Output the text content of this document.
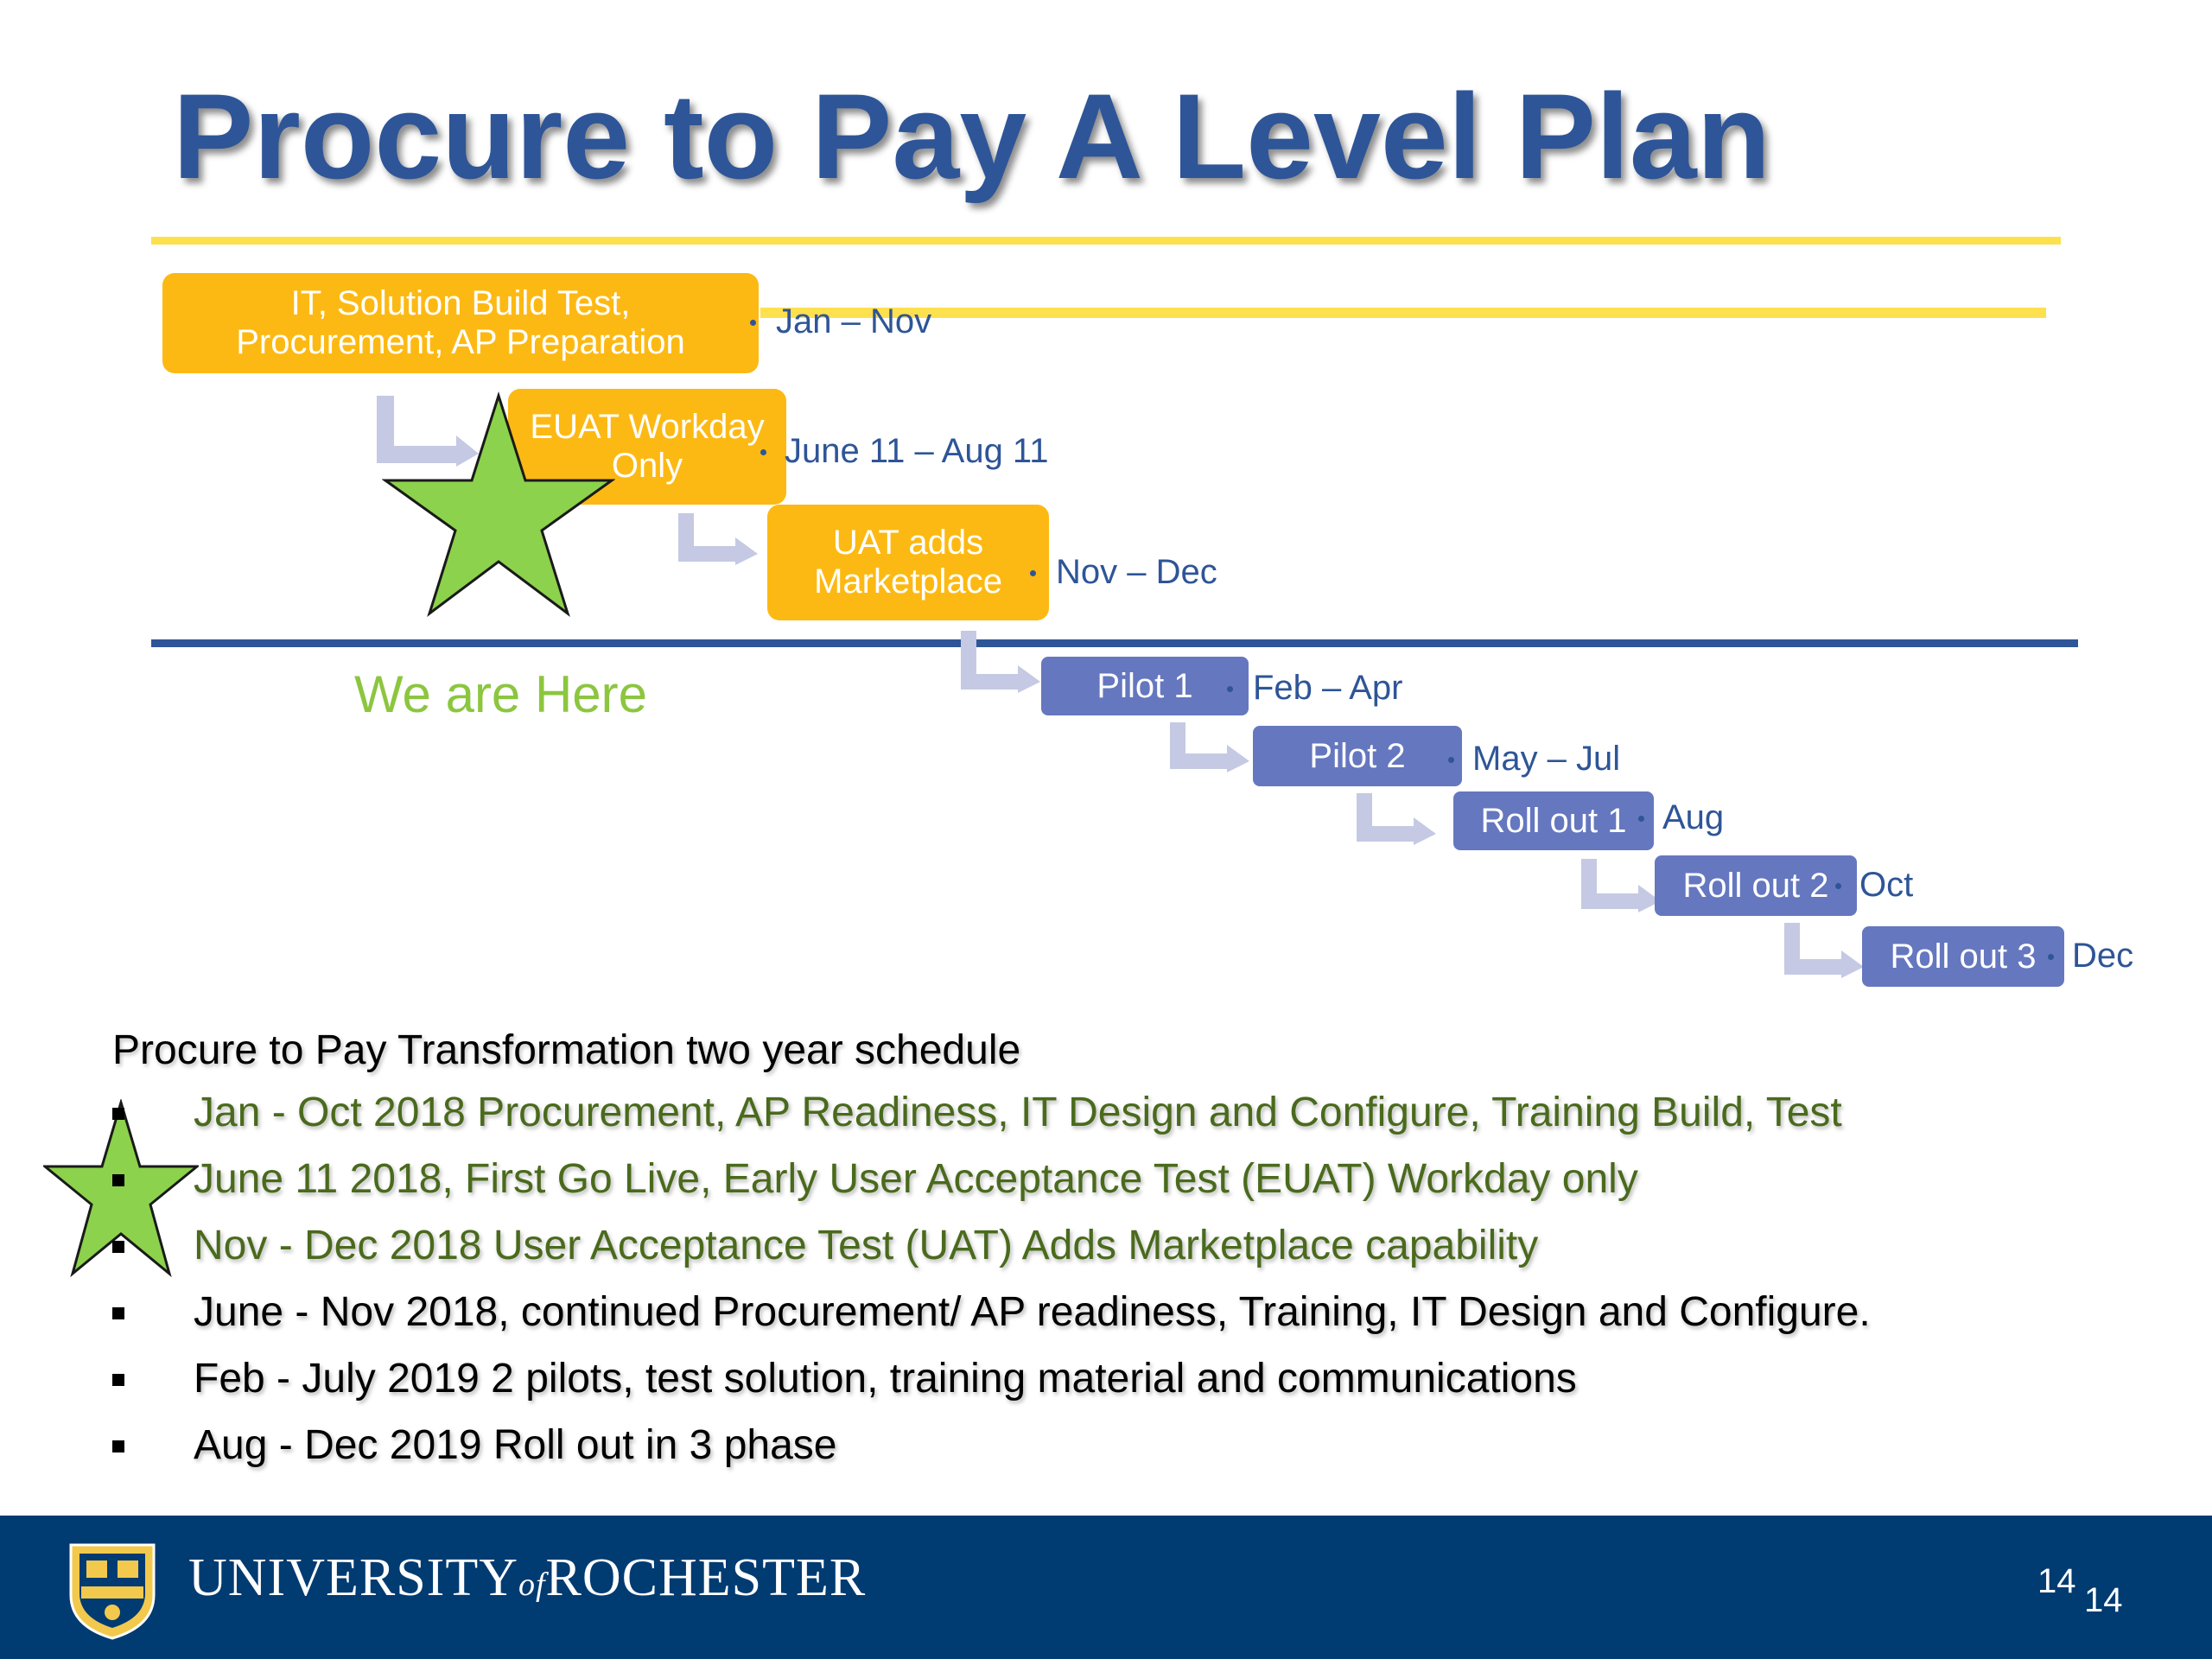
Procure to Pay A Level Plan
IT, Solution Build Test, Procurement, AP Preparation
EUAT Workday Only
UAT adds Marketplace
Pilot 1
Pilot 2
Roll out 1
Roll out 2
Roll out 3
Jan – Nov
June 11 – Aug 11
Nov – Dec
Feb – Apr
May – Jul
Aug
Oct
Dec
We are Here
Procure to Pay Transformation two year schedule
Jan - Oct 2018 Procurement, AP Readiness, IT Design and Configure, Training Build, Test
June 11 2018, First Go Live, Early User Acceptance Test (EUAT) Workday only
Nov - Dec 2018 User Acceptance Test (UAT) Adds Marketplace capability
June - Nov 2018, continued Procurement/ AP readiness, Training, IT Design and Configure.
Feb - July 2019 2 pilots, test solution, training material and communications
Aug - Dec 2019 Roll out in 3 phase
UNIVERSITYofROCHESTER	14 14
